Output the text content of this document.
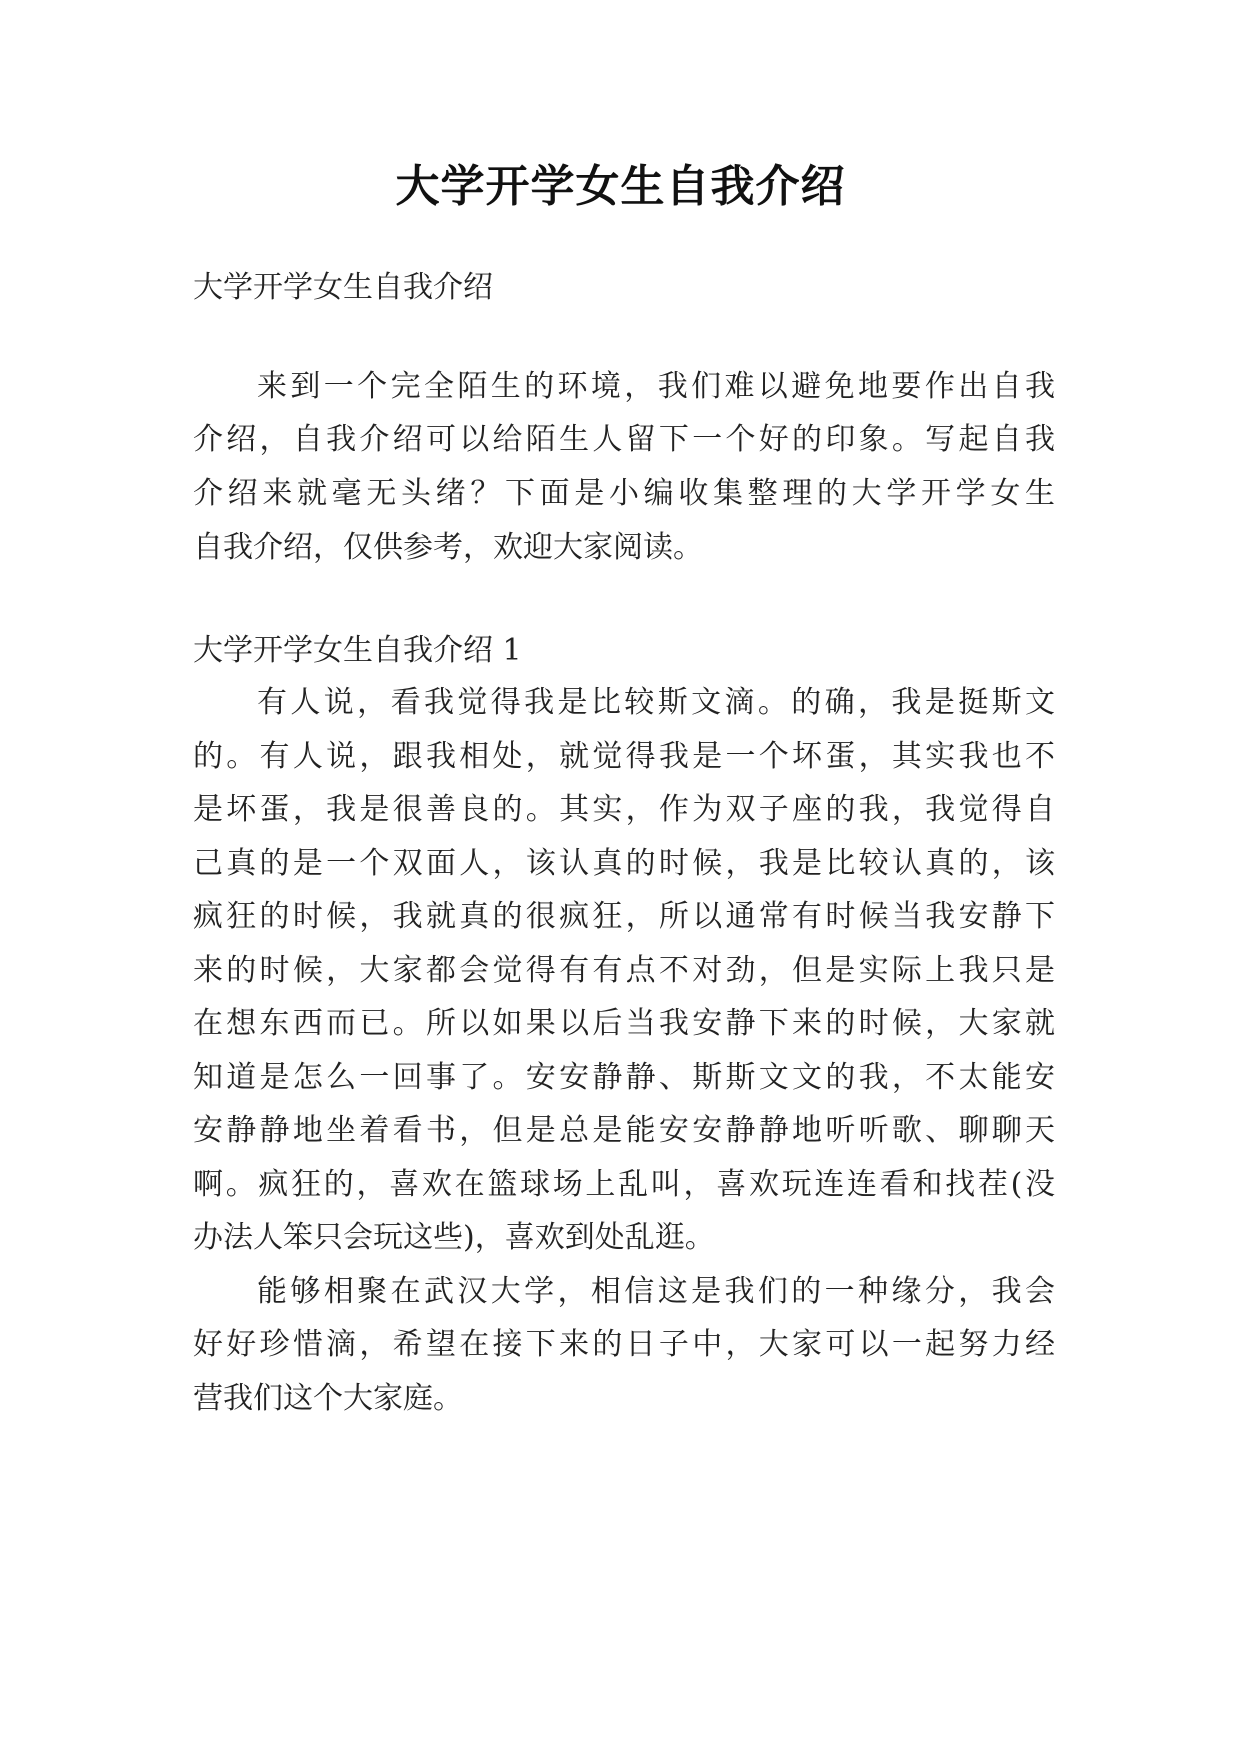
大学开学女生自我介绍
大学开学女生自我介绍
来到一个完全陌生的环境，我们难以避免地要作出自我
介绍，自我介绍可以给陌生人留下一个好的印象。写起自我
介绍来就毫无头绪？下面是小编收集整理的大学开学女生
自我介绍，仅供参考，欢迎大家阅读。
大学开学女生自我介绍 1
有人说，看我觉得我是比较斯文滴。的确，我是挺斯文
的。有人说，跟我相处，就觉得我是一个坏蛋，其实我也不
是坏蛋，我是很善良的。其实，作为双子座的我，我觉得自
己真的是一个双面人，该认真的时候，我是比较认真的，该
疯狂的时候，我就真的很疯狂，所以通常有时候当我安静下
来的时候，大家都会觉得有有点不对劲，但是实际上我只是
在想东西而已。所以如果以后当我安静下来的时候，大家就
知道是怎么一回事了。安安静静、斯斯文文的我，不太能安
安静静地坐着看书，但是总是能安安静静地听听歌、聊聊天
啊。疯狂的，喜欢在篮球场上乱叫，喜欢玩连连看和找茬(没
办法人笨只会玩这些)，喜欢到处乱逛。
能够相聚在武汉大学，相信这是我们的一种缘分，我会
好好珍惜滴，希望在接下来的日子中，大家可以一起努力经
营我们这个大家庭。
